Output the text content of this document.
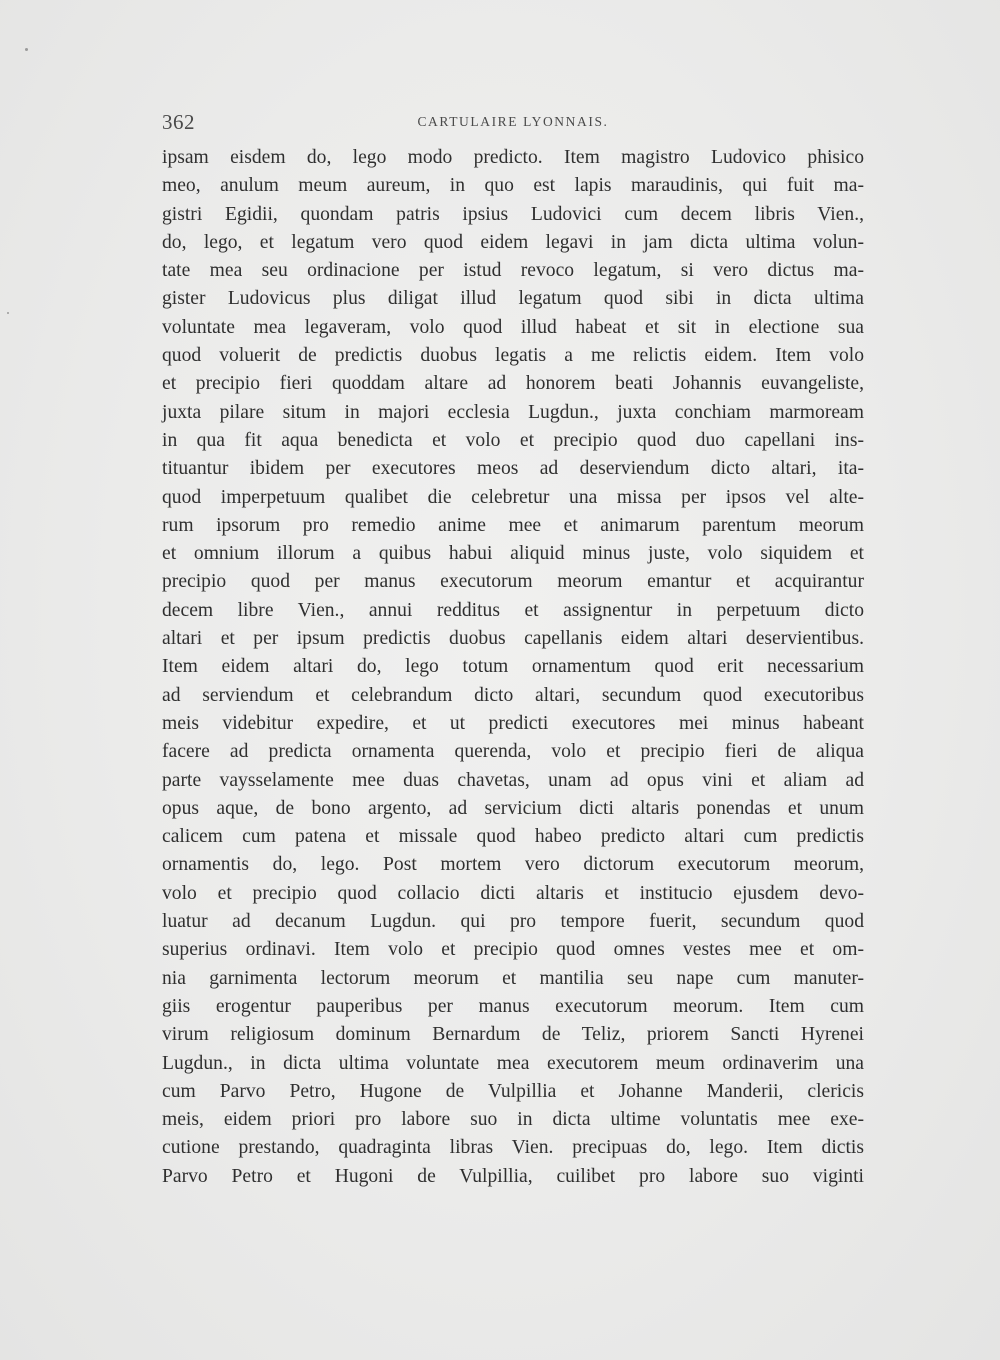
362	CARTULAIRE LYONNAIS.
ipsam eisdem do, lego modo predicto. Item magistro Ludovico phisico
meo, anulum meum aureum, in quo est lapis maraudinis, qui fuit ma-
gistri Egidii, quondam patris ipsius Ludovici cum decem libris Vien.,
do, lego, et legatum vero quod eidem legavi in jam dicta ultima volun-
tate mea seu ordinacione per istud revoco legatum, si vero dictus ma-
gister Ludovicus plus diligat illud legatum quod sibi in dicta ultima
voluntate mea legaveram, volo quod illud habeat et sit in electione sua
quod voluerit de predictis duobus legatis a me relictis eidem. Item volo
et precipio fieri quoddam altare ad honorem beati Johannis euvangeliste,
juxta pilare situm in majori ecclesia Lugdun., juxta conchiam marmoream
in qua fit aqua benedicta et volo et precipio quod duo capellani ins-
tituantur ibidem per executores meos ad deserviendum dicto altari, ita-
quod imperpetuum qualibet die celebretur una missa per ipsos vel alte-
rum ipsorum pro remedio anime mee et animarum parentum meorum
et omnium illorum a quibus habui aliquid minus juste, volo siquidem et
precipio quod per manus executorum meorum emantur et acquirantur
decem libre Vien., annui redditus et assignentur in perpetuum dicto
altari et per ipsum predictis duobus capellanis eidem altari deservientibus.
Item eidem altari do, lego totum ornamentum quod erit necessarium
ad serviendum et celebrandum dicto altari, secundum quod executoribus
meis videbitur expedire, et ut predicti executores mei minus habeant
facere ad predicta ornamenta querenda, volo et precipio fieri de aliqua
parte vaysselamente mee duas chavetas, unam ad opus vini et aliam ad
opus aque, de bono argento, ad servicium dicti altaris ponendas et unum
calicem cum patena et missale quod habeo predicto altari cum predictis
ornamentis do, lego. Post mortem vero dictorum executorum meorum,
volo et precipio quod collacio dicti altaris et institucio ejusdem devo-
luatur ad decanum Lugdun. qui pro tempore fuerit, secundum quod
superius ordinavi. Item volo et precipio quod omnes vestes mee et om-
nia garnimenta lectorum meorum et mantilia seu nape cum manuter-
giis erogentur pauperibus per manus executorum meorum. Item cum
virum religiosum dominum Bernardum de Teliz, priorem Sancti Hyrenei
Lugdun., in dicta ultima voluntate mea executorem meum ordinaverim una
cum Parvo Petro, Hugone de Vulpillia et Johanne Manderii, clericis
meis, eidem priori pro labore suo in dicta ultime voluntatis mee exe-
cutione prestando, quadraginta libras Vien. precipuas do, lego. Item dictis
Parvo Petro et Hugoni de Vulpillia, cuilibet pro labore suo viginti
